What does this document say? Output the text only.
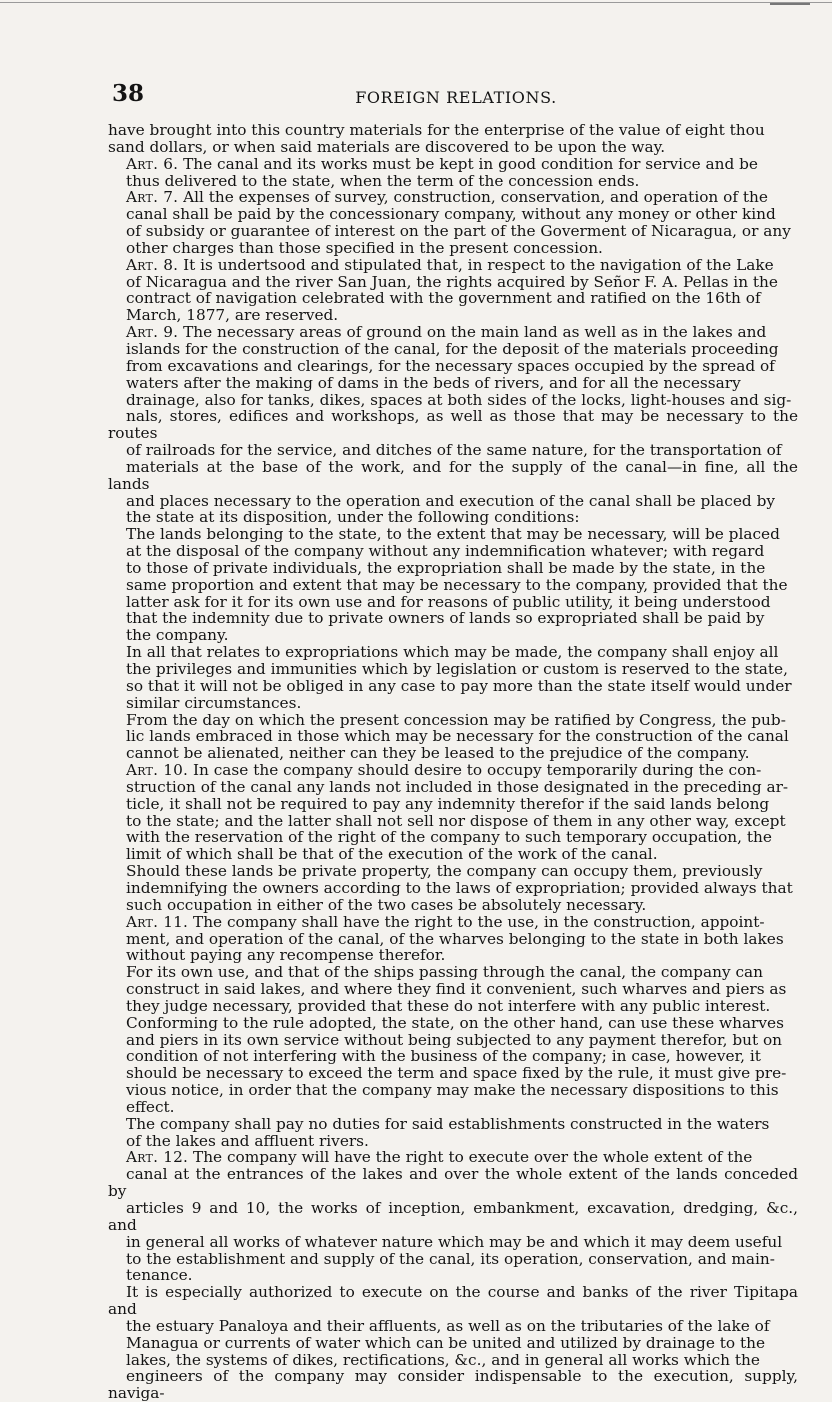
38	FOREIGN RELATIONS.

have brought into this country materials for the enterprise of the value of eight thou
sand dollars, or when said materials are discovered to be upon the way.

Art. 6. The canal and its works must be kept in good condition for service and be
thus delivered to the state, when the term of the concession ends.

Art. 7. All the expenses of survey, construction, conservation, and operation of the
canal shall be paid by the concessionary company, without any money or other kind
of subsidy or guarantee of interest on the part of the Goverment of Nicaragua, or any
other charges than those specified in the present concession.

Art. 8. It is undertsood and stipulated that, in respect to the navigation of the Lake
of Nicaragua and the river San Juan, the rights acquired by Señor F. A. Pellas in the
contract of navigation celebrated with the government and ratified on the 16th of
March, 1877, are reserved.

Art. 9. The necessary areas of ground on the main land as well as in the lakes and
islands for the construction of the canal, for the deposit of the materials proceeding
from excavations and clearings, for the necessary spaces occupied by the spread of
waters after the making of dams in the beds of rivers, and for all the necessary
drainage, also for tanks, dikes, spaces at both sides of the locks, light-houses and sig-
nals, stores, edifices and workshops, as well as those that may be necessary to the routes
of railroads for the service, and ditches of the same nature, for the transportation of
materials at the base of the work, and for the supply of the canal—in fine, all the lands
and places necessary to the operation and execution of the canal shall be placed by
the state at its disposition, under the following conditions:

The lands belonging to the state, to the extent that may be necessary, will be placed
at the disposal of the company without any indemnification whatever; with regard
to those of private individuals, the expropriation shall be made by the state, in the
same proportion and extent that may be necessary to the company, provided that the
latter ask for it for its own use and for reasons of public utility, it being understood
that the indemnity due to private owners of lands so expropriated shall be paid by
the company.

In all that relates to expropriations which may be made, the company shall enjoy all
the privileges and immunities which by legislation or custom is reserved to the state,
so that it will not be obliged in any case to pay more than the state itself would under
similar circumstances.

From the day on which the present concession may be ratified by Congress, the pub-
lic lands embraced in those which may be necessary for the construction of the canal
cannot be alienated, neither can they be leased to the prejudice of the company.

Art. 10. In case the company should desire to occupy temporarily during the con-
struction of the canal any lands not included in those designated in the preceding ar-
ticle, it shall not be required to pay any indemnity therefor if the said lands belong
to the state; and the latter shall not sell nor dispose of them in any other way, except
with the reservation of the right of the company to such temporary occupation, the
limit of which shall be that of the execution of the work of the canal.

Should these lands be private property, the company can occupy them, previously
indemnifying the owners according to the laws of expropriation; provided always that
such occupation in either of the two cases be absolutely necessary.

Art. 11. The company shall have the right to the use, in the construction, appoint-
ment, and operation of the canal, of the wharves belonging to the state in both lakes
without paying any recompense therefor.

For its own use, and that of the ships passing through the canal, the company can
construct in said lakes, and where they find it convenient, such wharves and piers as
they judge necessary, provided that these do not interfere with any public interest.

Conforming to the rule adopted, the state, on the other hand, can use these wharves
and piers in its own service without being subjected to any payment therefor, but on
condition of not interfering with the business of the company; in case, however, it
should be necessary to exceed the term and space fixed by the rule, it must give pre-
vious notice, in order that the company may make the necessary dispositions to this
effect.

The company shall pay no duties for said establishments constructed in the waters
of the lakes and affluent rivers.

Art. 12. The company will have the right to execute over the whole extent of the
canal at the entrances of the lakes and over the whole extent of the lands conceded by
articles 9 and 10, the works of inception, embankment, excavation, dredging, &c., and
in general all works of whatever nature which may be and which it may deem useful
to the establishment and supply of the canal, its operation, conservation, and main-
tenance.

It is especially authorized to execute on the course and banks of the river Tipitapa and
the estuary Panaloya and their affluents, as well as on the tributaries of the lake of
Managua or currents of water which can be united and utilized by drainage to the
lakes, the systems of dikes, rectifications, &c., and in general all works which the
engineers of the company may consider indispensable to the execution, supply, naviga-
